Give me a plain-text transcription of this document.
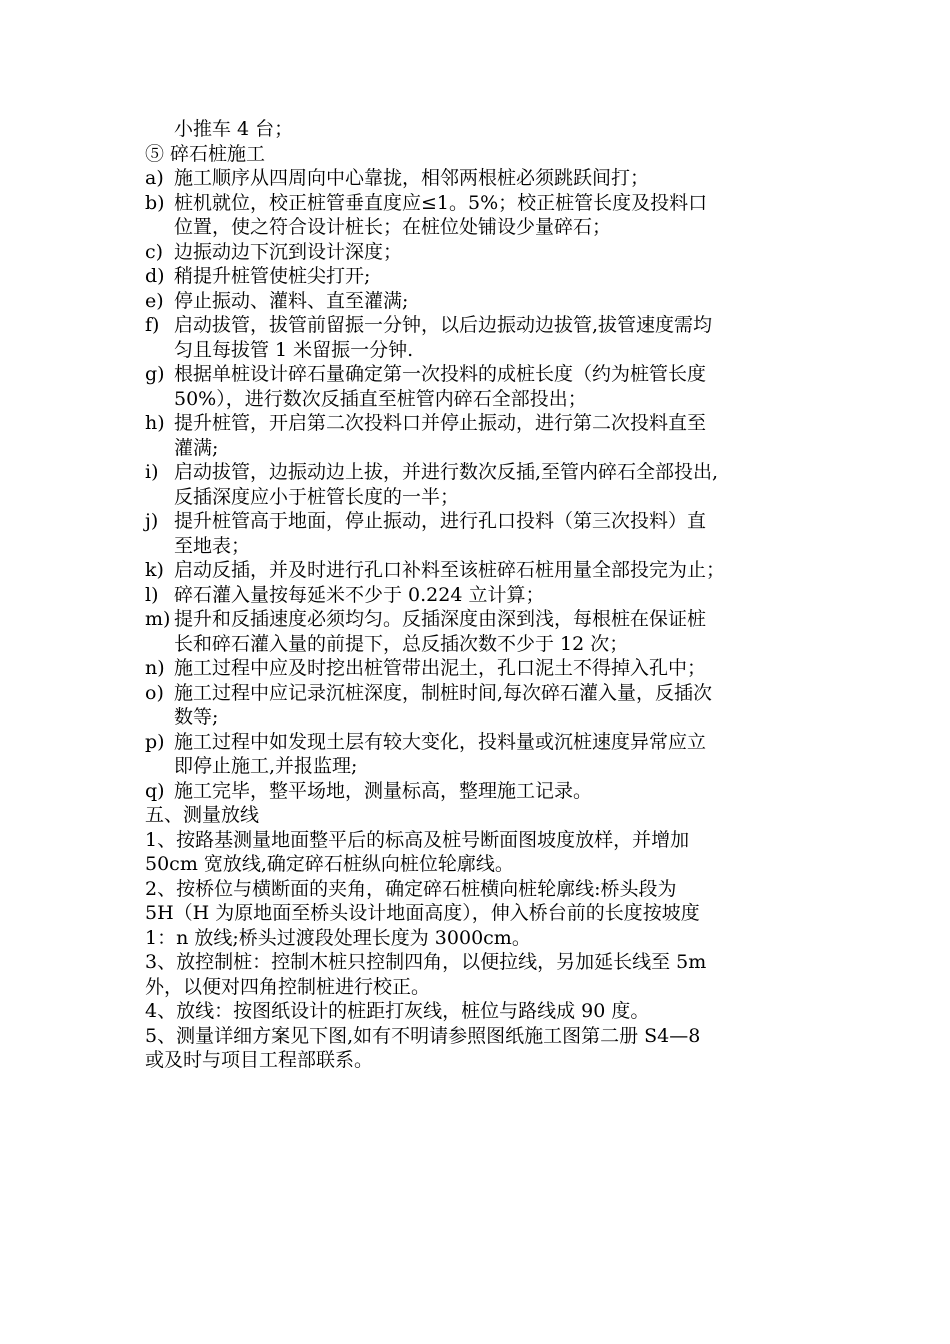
小推车 4 台；
⑤ 碎石桩施工
a) 施工顺序从四周向中心靠拢，相邻两根桩必须跳跃间打；
b) 桩机就位，校正桩管垂直度应≤1。5%；校正桩管长度及投料口
位置，使之符合设计桩长；在桩位处铺设少量碎石；
c) 边振动边下沉到设计深度；
d) 稍提升桩管使桩尖打开;
e) 停止振动、灌料、直至灌满;
f) 启动拔管，拔管前留振一分钟，以后边振动边拔管,拔管速度需均
匀且每拔管 1 米留振一分钟.
g) 根据单桩设计碎石量确定第一次投料的成桩长度（约为桩管长度
50%），进行数次反插直至桩管内碎石全部投出；
h) 提升桩管，开启第二次投料口并停止振动，进行第二次投料直至
灌满;
i) 启动拔管，边振动边上拔，并进行数次反插,至管内碎石全部投出,
反插深度应小于桩管长度的一半；
j) 提升桩管高于地面，停止振动，进行孔口投料（第三次投料）直
至地表；
k) 启动反插，并及时进行孔口补料至该桩碎石桩用量全部投完为止；
l) 碎石灌入量按每延米不少于 0.224 立计算；
m) 提升和反插速度必须均匀。反插深度由深到浅，每根桩在保证桩
长和碎石灌入量的前提下，总反插次数不少于 12 次；
n) 施工过程中应及时挖出桩管带出泥土，孔口泥土不得掉入孔中；
o) 施工过程中应记录沉桩深度，制桩时间,每次碎石灌入量，反插次
数等;
p) 施工过程中如发现土层有较大变化，投料量或沉桩速度异常应立
即停止施工,并报监理;
q) 施工完毕，整平场地，测量标高，整理施工记录。
五、测量放线
1、按路基测量地面整平后的标高及桩号断面图坡度放样，并增加
50cm 宽放线,确定碎石桩纵向桩位轮廓线。
2、按桥位与横断面的夹角，确定碎石桩横向桩轮廓线:桥头段为
5H（H 为原地面至桥头设计地面高度），伸入桥台前的长度按坡度
1：n 放线;桥头过渡段处理长度为 3000cm。
3、放控制桩：控制木桩只控制四角，以便拉线，另加延长线至 5m
外，以便对四角控制桩进行校正。
4、放线：按图纸设计的桩距打灰线，桩位与路线成 90 度。
5、测量详细方案见下图,如有不明请参照图纸施工图第二册 S4—8
或及时与项目工程部联系。
